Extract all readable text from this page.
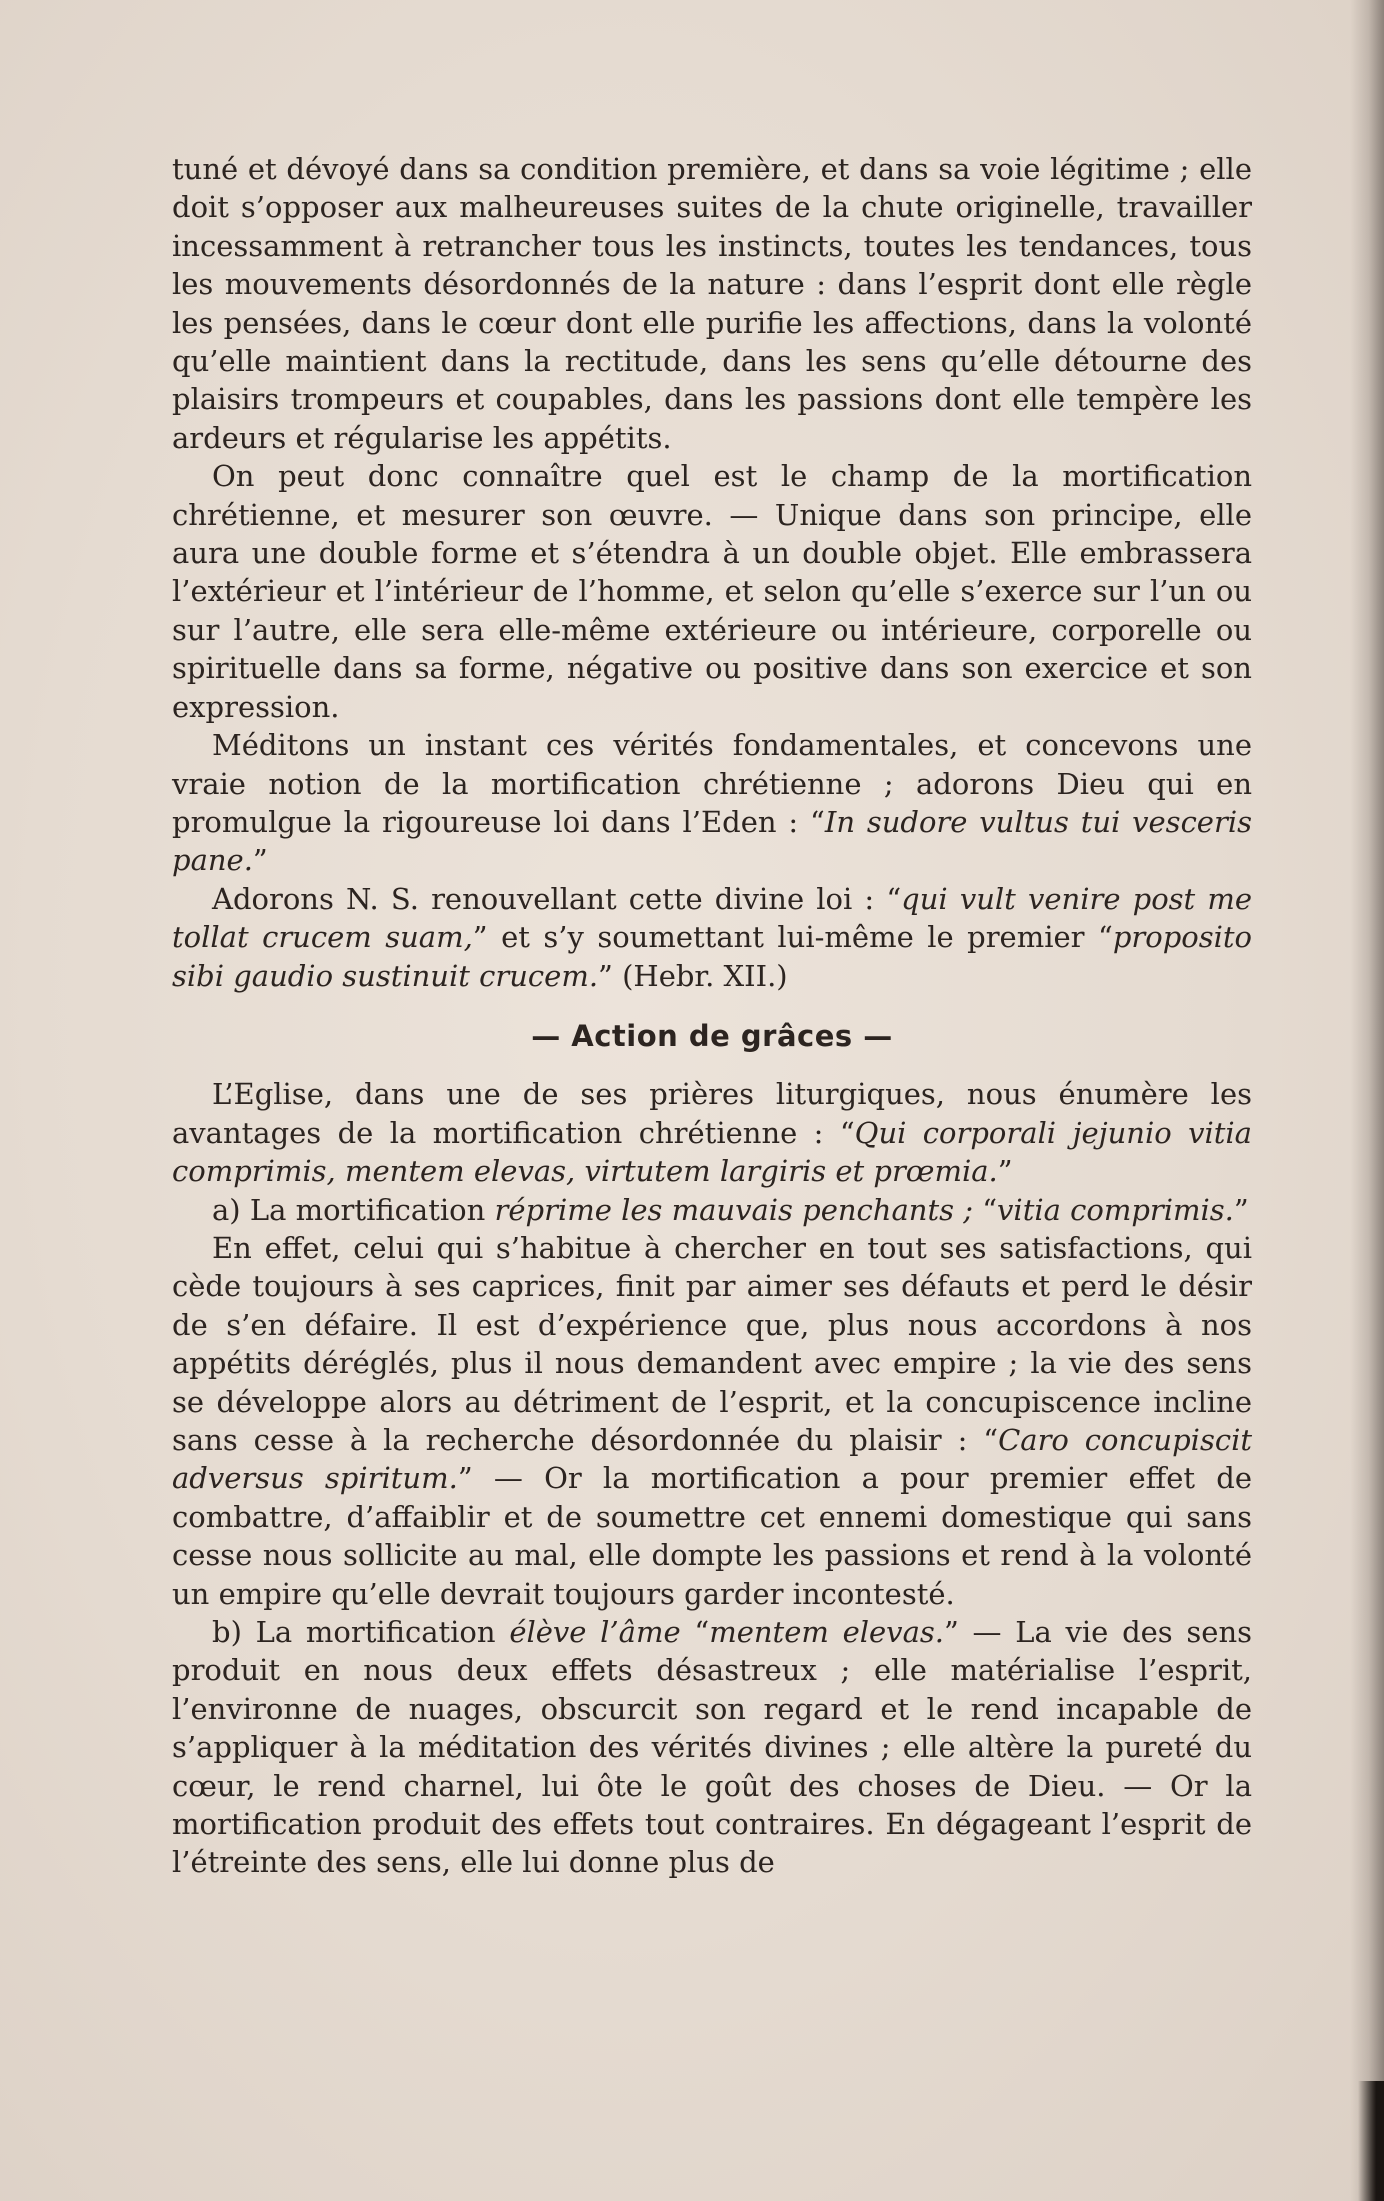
tuné et dévoyé dans sa condition première, et dans sa voie légitime ; elle doit s’opposer aux malheureuses suites de la chute originelle, travailler incessamment à retrancher tous les instincts, toutes les tendances, tous les mouvements désordonnés de la nature : dans l’esprit dont elle règle les pensées, dans le cœur dont elle purifie les affections, dans la volonté qu’elle maintient dans la rectitude, dans les sens qu’elle détourne des plaisirs trompeurs et coupables, dans les passions dont elle tempère les ardeurs et régularise les appétits.

On peut donc connaître quel est le champ de la mortification chrétienne, et mesurer son œuvre. — Unique dans son principe, elle aura une double forme et s’étendra à un double objet. Elle embrassera l’extérieur et l’intérieur de l’homme, et selon qu’elle s’exerce sur l’un ou sur l’autre, elle sera elle-même extérieure ou intérieure, corporelle ou spirituelle dans sa forme, négative ou positive dans son exercice et son expression.

Méditons un instant ces vérités fondamentales, et concevons une vraie notion de la mortification chrétienne ; adorons Dieu qui en promulgue la rigoureuse loi dans l’Eden : “In sudore vultus tui vesceris pane.”

Adorons N. S. renouvellant cette divine loi : “qui vult venire post me tollat crucem suam,” et s’y soumettant lui-même le premier “proposito sibi gaudio sustinuit crucem.” (Hebr. XII.)

— Action de grâces —

L’Eglise, dans une de ses prières liturgiques, nous énumère les avantages de la mortification chrétienne : “Qui corporali jejunio vitia comprimis, mentem elevas, virtutem largiris et prœmia.”

a) La mortification réprime les mauvais penchants ; “vitia comprimis.”

En effet, celui qui s’habitue à chercher en tout ses satisfactions, qui cède toujours à ses caprices, finit par aimer ses défauts et perd le désir de s’en défaire. Il est d’expérience que, plus nous accordons à nos appétits déréglés, plus il nous demandent avec empire ; la vie des sens se développe alors au détriment de l’esprit, et la concupiscence incline sans cesse à la recherche désordonnée du plaisir : “Caro concupiscit adversus spiritum.” — Or la mortification a pour premier effet de combattre, d’affaiblir et de soumettre cet ennemi domestique qui sans cesse nous sollicite au mal, elle dompte les passions et rend à la volonté un empire qu’elle devrait toujours garder incontesté.

b) La mortification élève l’âme “mentem elevas.” — La vie des sens produit en nous deux effets désastreux ; elle matérialise l’esprit, l’environne de nuages, obscurcit son regard et le rend incapable de s’appliquer à la méditation des vérités divines ; elle altère la pureté du cœur, le rend charnel, lui ôte le goût des choses de Dieu. — Or la mortification produit des effets tout contraires. En dégageant l’esprit de l’étreinte des sens, elle lui donne plus de
